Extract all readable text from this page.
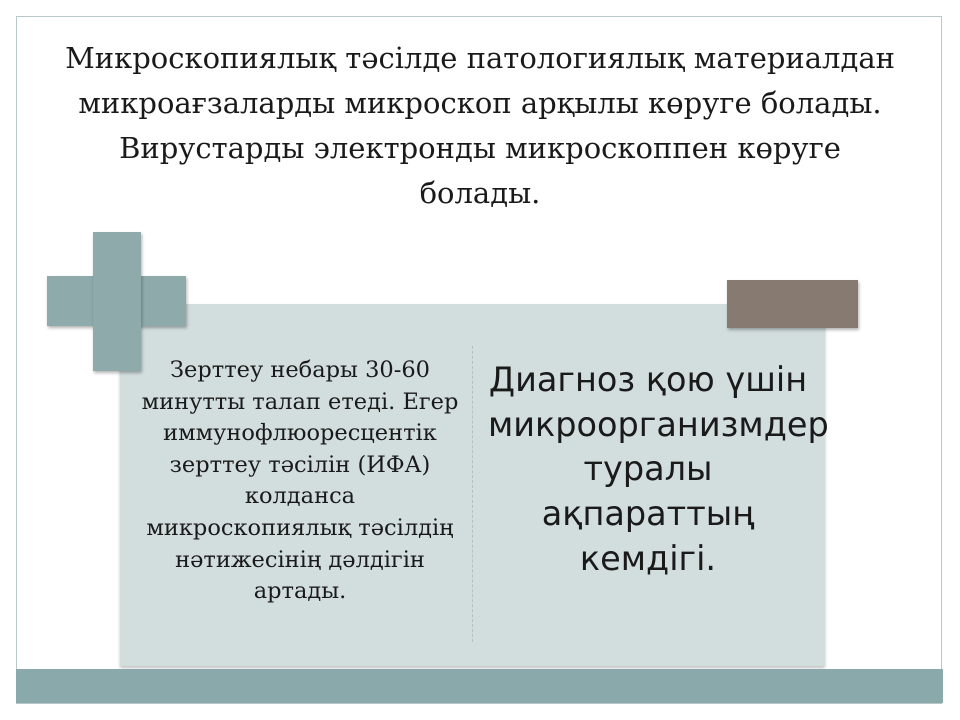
Микроскопиялық тәсілде патологиялық материалдан микроағзаларды микроскоп арқылы көруге болады. Вирустарды электронды микроскоппен көруге болады.

Зерттеу небары 30-60 минутты талап етеді. Егер иммунофлюоресцентік зерттеу тәсілін (ИФА) колданса микроскопиялық тәсілдің нәтижесінің дәлдігін артады.

Диагноз қою үшін микроорганизмдер туралы ақпараттың кемдігі.
